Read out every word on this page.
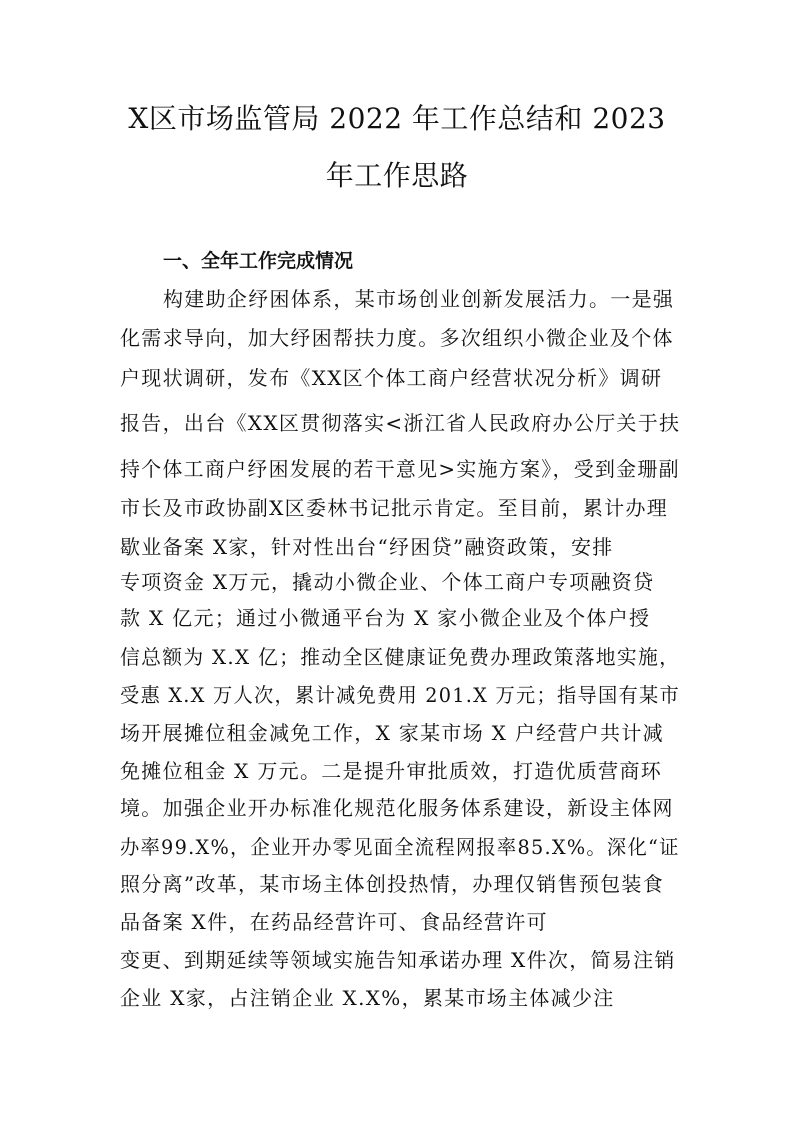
X区市场监管局 2022 年工作总结和 2023
年工作思路
一、全年工作完成情况
构建助企纾困体系，某市场创业创新发展活力。一是强
化需求导向，加大纾困帮扶力度。多次组织小微企业及个体
户现状调研，发布《XX区个体工商户经营状况分析》调研
报告，出台《XX区贯彻落实<浙江省人民政府办公厅关于扶
持个体工商户纾困发展的若干意见>实施方案》，受到金珊副
市长及市政协副X区委林书记批示肯定。至目前，累计办理
歇业备案 X家，针对性出台“纾困贷”融资政策，安排
专项资金 X万元，撬动小微企业、个体工商户专项融资贷
款 X 亿元；通过小微通平台为 X 家小微企业及个体户授
信总额为 X.X 亿；推动全区健康证免费办理政策落地实施，
受惠 X.X 万人次，累计减免费用 201.X 万元；指导国有某市
场开展摊位租金减免工作，X 家某市场 X 户经营户共计减
免摊位租金 X 万元。二是提升审批质效，打造优质营商环
境。加强企业开办标准化规范化服务体系建设，新设主体网
办率99.X%，企业开办零见面全流程网报率85.X%。深化“证
照分离”改革，某市场主体创投热情，办理仅销售预包装食
品备案 X件，在药品经营许可、食品经营许可
变更、到期延续等领域实施告知承诺办理 X件次，简易注销
企业 X家，占注销企业 X.X%，累某市场主体减少注
